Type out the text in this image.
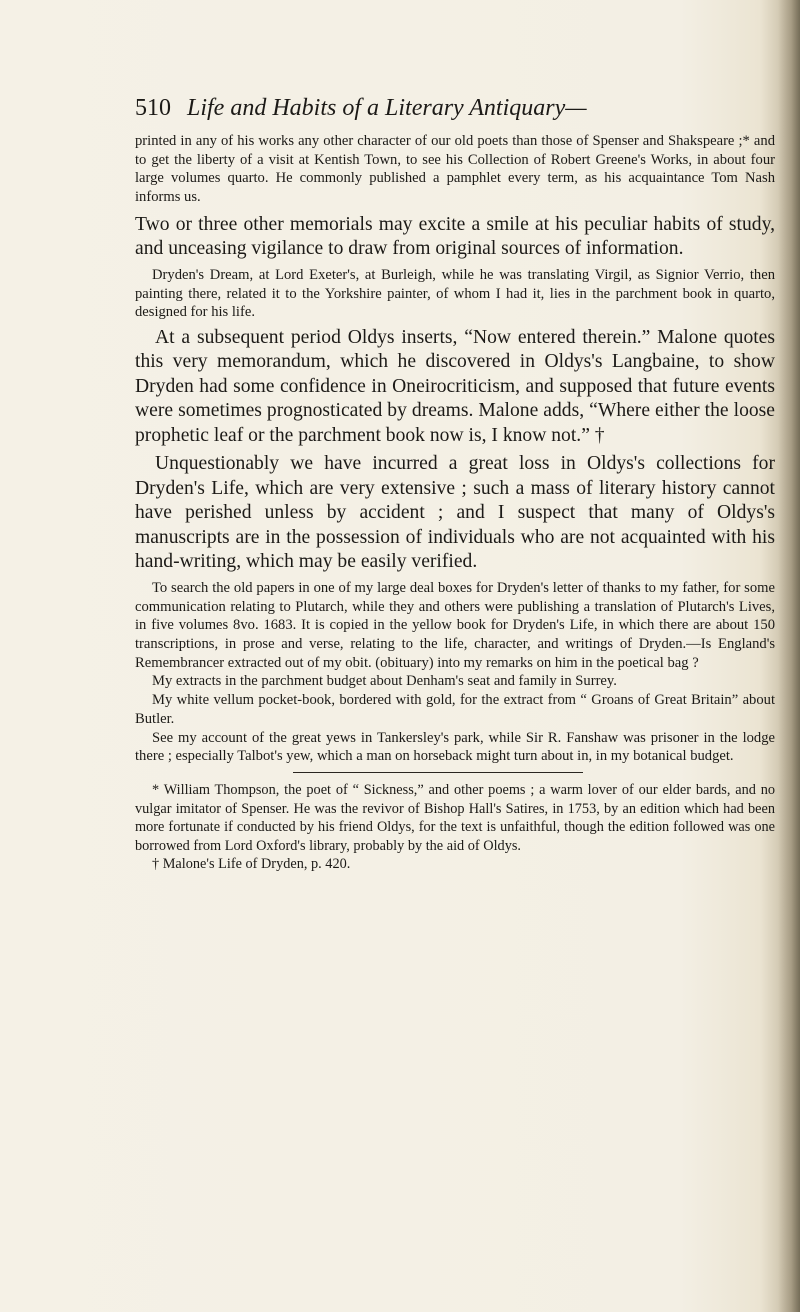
510 Life and Habits of a Literary Antiquary—

printed in any of his works any other character of our old poets than those of Spenser and Shakspeare ;* and to get the liberty of a visit at Kentish Town, to see his Collection of Robert Greene's Works, in about four large volumes quarto. He commonly published a pamphlet every term, as his acquaintance Tom Nash informs us.

Two or three other memorials may excite a smile at his peculiar habits of study, and unceasing vigilance to draw from original sources of information.

Dryden's Dream, at Lord Exeter's, at Burleigh, while he was translating Virgil, as Signior Verrio, then painting there, related it to the Yorkshire painter, of whom I had it, lies in the parchment book in quarto, designed for his life.

At a subsequent period Oldys inserts, “Now entered therein.” Malone quotes this very memorandum, which he discovered in Oldys's Langbaine, to show Dryden had some confidence in Oneirocriticism, and supposed that future events were sometimes prognosticated by dreams. Malone adds, “Where either the loose prophetic leaf or the parchment book now is, I know not.” †

Unquestionably we have incurred a great loss in Oldys's collections for Dryden's Life, which are very extensive ; such a mass of literary history cannot have perished unless by accident ; and I suspect that many of Oldys's manuscripts are in the possession of individuals who are not acquainted with his hand-writing, which may be easily verified.

To search the old papers in one of my large deal boxes for Dryden's letter of thanks to my father, for some communication relating to Plutarch, while they and others were publishing a translation of Plutarch's Lives, in five volumes 8vo. 1683. It is copied in the yellow book for Dryden's Life, in which there are about 150 transcriptions, in prose and verse, relating to the life, character, and writings of Dryden.—Is England's Remembrancer extracted out of my obit. (obituary) into my remarks on him in the poetical bag ?

My extracts in the parchment budget about Denham's seat and family in Surrey.

My white vellum pocket-book, bordered with gold, for the extract from “ Groans of Great Britain” about Butler.

See my account of the great yews in Tankersley's park, while Sir R. Fanshaw was prisoner in the lodge there ; especially Talbot's yew, which a man on horseback might turn about in, in my botanical budget.

* William Thompson, the poet of “ Sickness,” and other poems ; a warm lover of our elder bards, and no vulgar imitator of Spenser. He was the revivor of Bishop Hall's Satires, in 1753, by an edition which had been more fortunate if conducted by his friend Oldys, for the text is unfaithful, though the edition followed was one borrowed from Lord Oxford's library, probably by the aid of Oldys.

† Malone's Life of Dryden, p. 420.
